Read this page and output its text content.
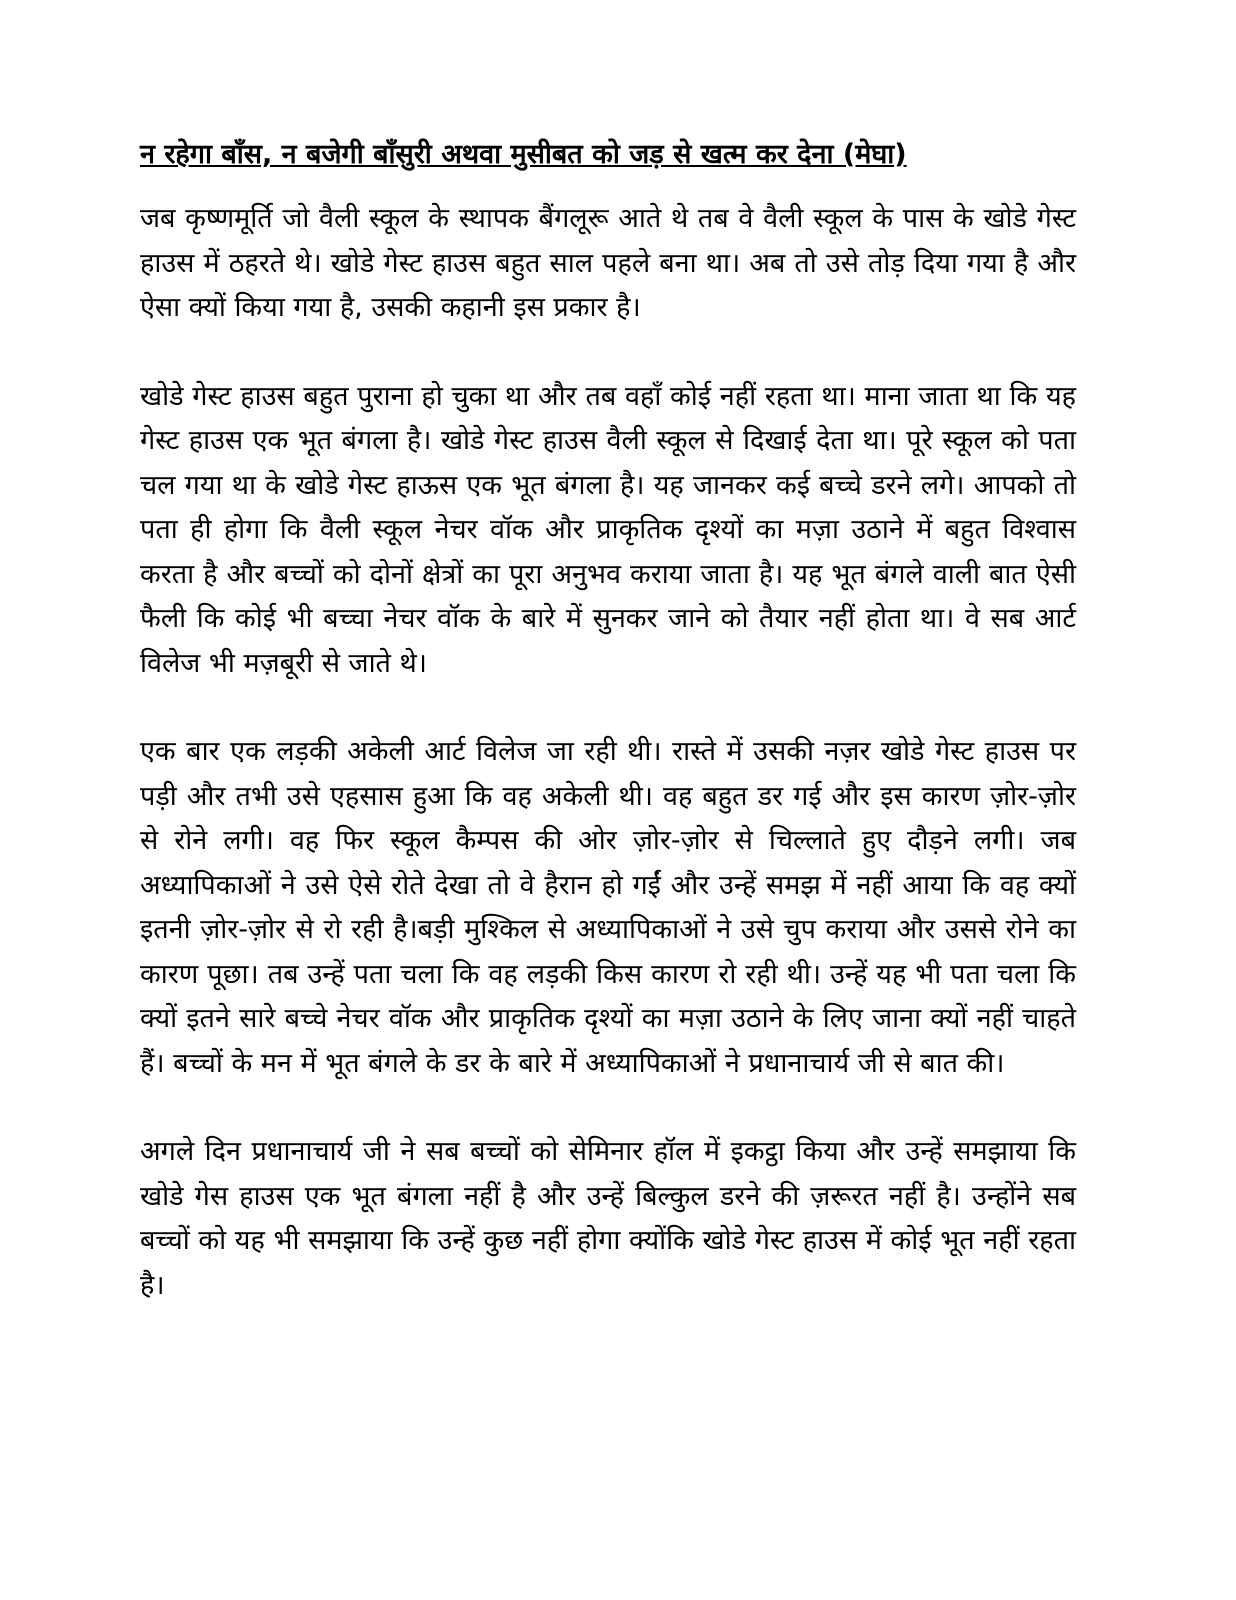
न रहेगा बाँस, न बजेगी बाँसुरी अथवा मुसीबत को जड़ से खत्म कर देना (मेघा)

जब कृष्णमूर्ति जो वैली स्कूल के स्थापक बैंगलूरू आते थे तब वे वैली स्कूल के पास के खोडे गेस्ट हाउस में ठहरते थे। खोडे गेस्ट हाउस बहुत साल पहले बना था। अब तो उसे तोड़ दिया गया है और ऐसा क्यों किया गया है, उसकी कहानी इस प्रकार है।

खोडे गेस्ट हाउस बहुत पुराना हो चुका था और तब वहाँ कोई नहीं रहता था। माना जाता था कि यह गेस्ट हाउस एक भूत बंगला है। खोडे गेस्ट हाउस वैली स्कूल से दिखाई देता था। पूरे स्कूल को पता चल गया था के खोडे गेस्ट हाऊस एक भूत बंगला है। यह जानकर कई बच्चे डरने लगे। आपको तो पता ही होगा कि वैली स्कूल नेचर वॉक और प्राकृतिक दृश्यों का मज़ा उठाने में बहुत विश्वास करता है और बच्चों को दोनों क्षेत्रों का पूरा अनुभव कराया जाता है। यह भूत बंगले वाली बात ऐसी फैली कि कोई भी बच्चा नेचर वॉक के बारे में सुनकर जाने को तैयार नहीं होता था। वे सब आर्ट विलेज भी मज़बूरी से जाते थे।

एक बार एक लड़की अकेली आर्ट विलेज जा रही थी। रास्ते में उसकी नज़र खोडे गेस्ट हाउस पर पड़ी और तभी उसे एहसास हुआ कि वह अकेली थी। वह बहुत डर गई और इस कारण ज़ोर-ज़ोर से रोने लगी। वह फिर स्कूल कैम्पस की ओर ज़ोर-ज़ोर से चिल्लाते हुए दौड़ने लगी। जब अध्यापिकाओं ने उसे ऐसे रोते देखा तो वे हैरान हो गईं और उन्हें समझ में नहीं आया कि वह क्यों इतनी ज़ोर-ज़ोर से रो रही है।बड़ी मुश्किल से अध्यापिकाओं ने उसे चुप कराया और उससे रोने का कारण पूछा। तब उन्हें पता चला कि वह लड़की किस कारण रो रही थी। उन्हें यह भी पता चला कि क्यों इतने सारे बच्चे नेचर वॉक और प्राकृतिक दृश्यों का मज़ा उठाने के लिए जाना क्यों नहीं चाहते हैं। बच्चों के मन में भूत बंगले के डर के बारे में अध्यापिकाओं ने प्रधानाचार्य जी से बात की।

अगले दिन प्रधानाचार्य जी ने सब बच्चों को सेमिनार हॉल में इकट्ठा किया और उन्हें समझाया कि खोडे गेस हाउस एक भूत बंगला नहीं है और उन्हें बिल्कुल डरने की ज़रूरत नहीं है। उन्होंने सब बच्चों को यह भी समझाया कि उन्हें कुछ नहीं होगा क्योंकि खोडे गेस्ट हाउस में कोई भूत नहीं रहता है।
